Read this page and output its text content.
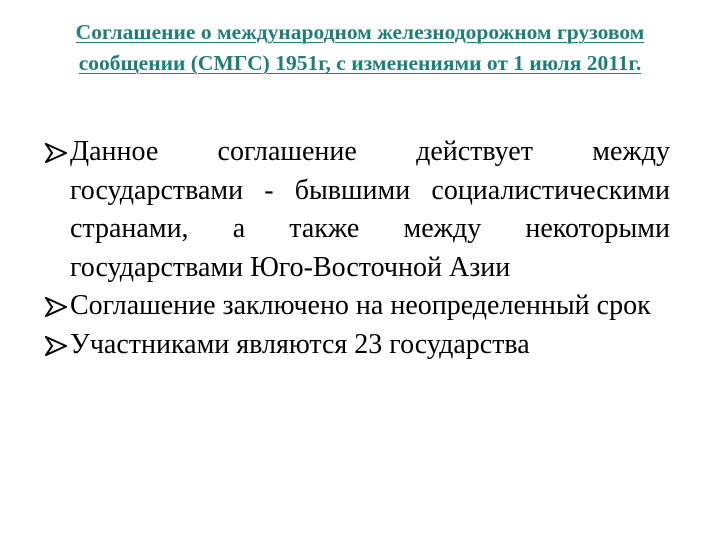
Соглашение о международном железнодорожном грузовом сообщении (СМГС) 1951г, с изменениями от 1 июля 2011г.
Данное соглашение действует между государствами - бывшими социалистическими странами, а также между некоторыми государствами Юго-Восточной Азии
Соглашение заключено на неопределенный срок
Участниками являются 23 государства
